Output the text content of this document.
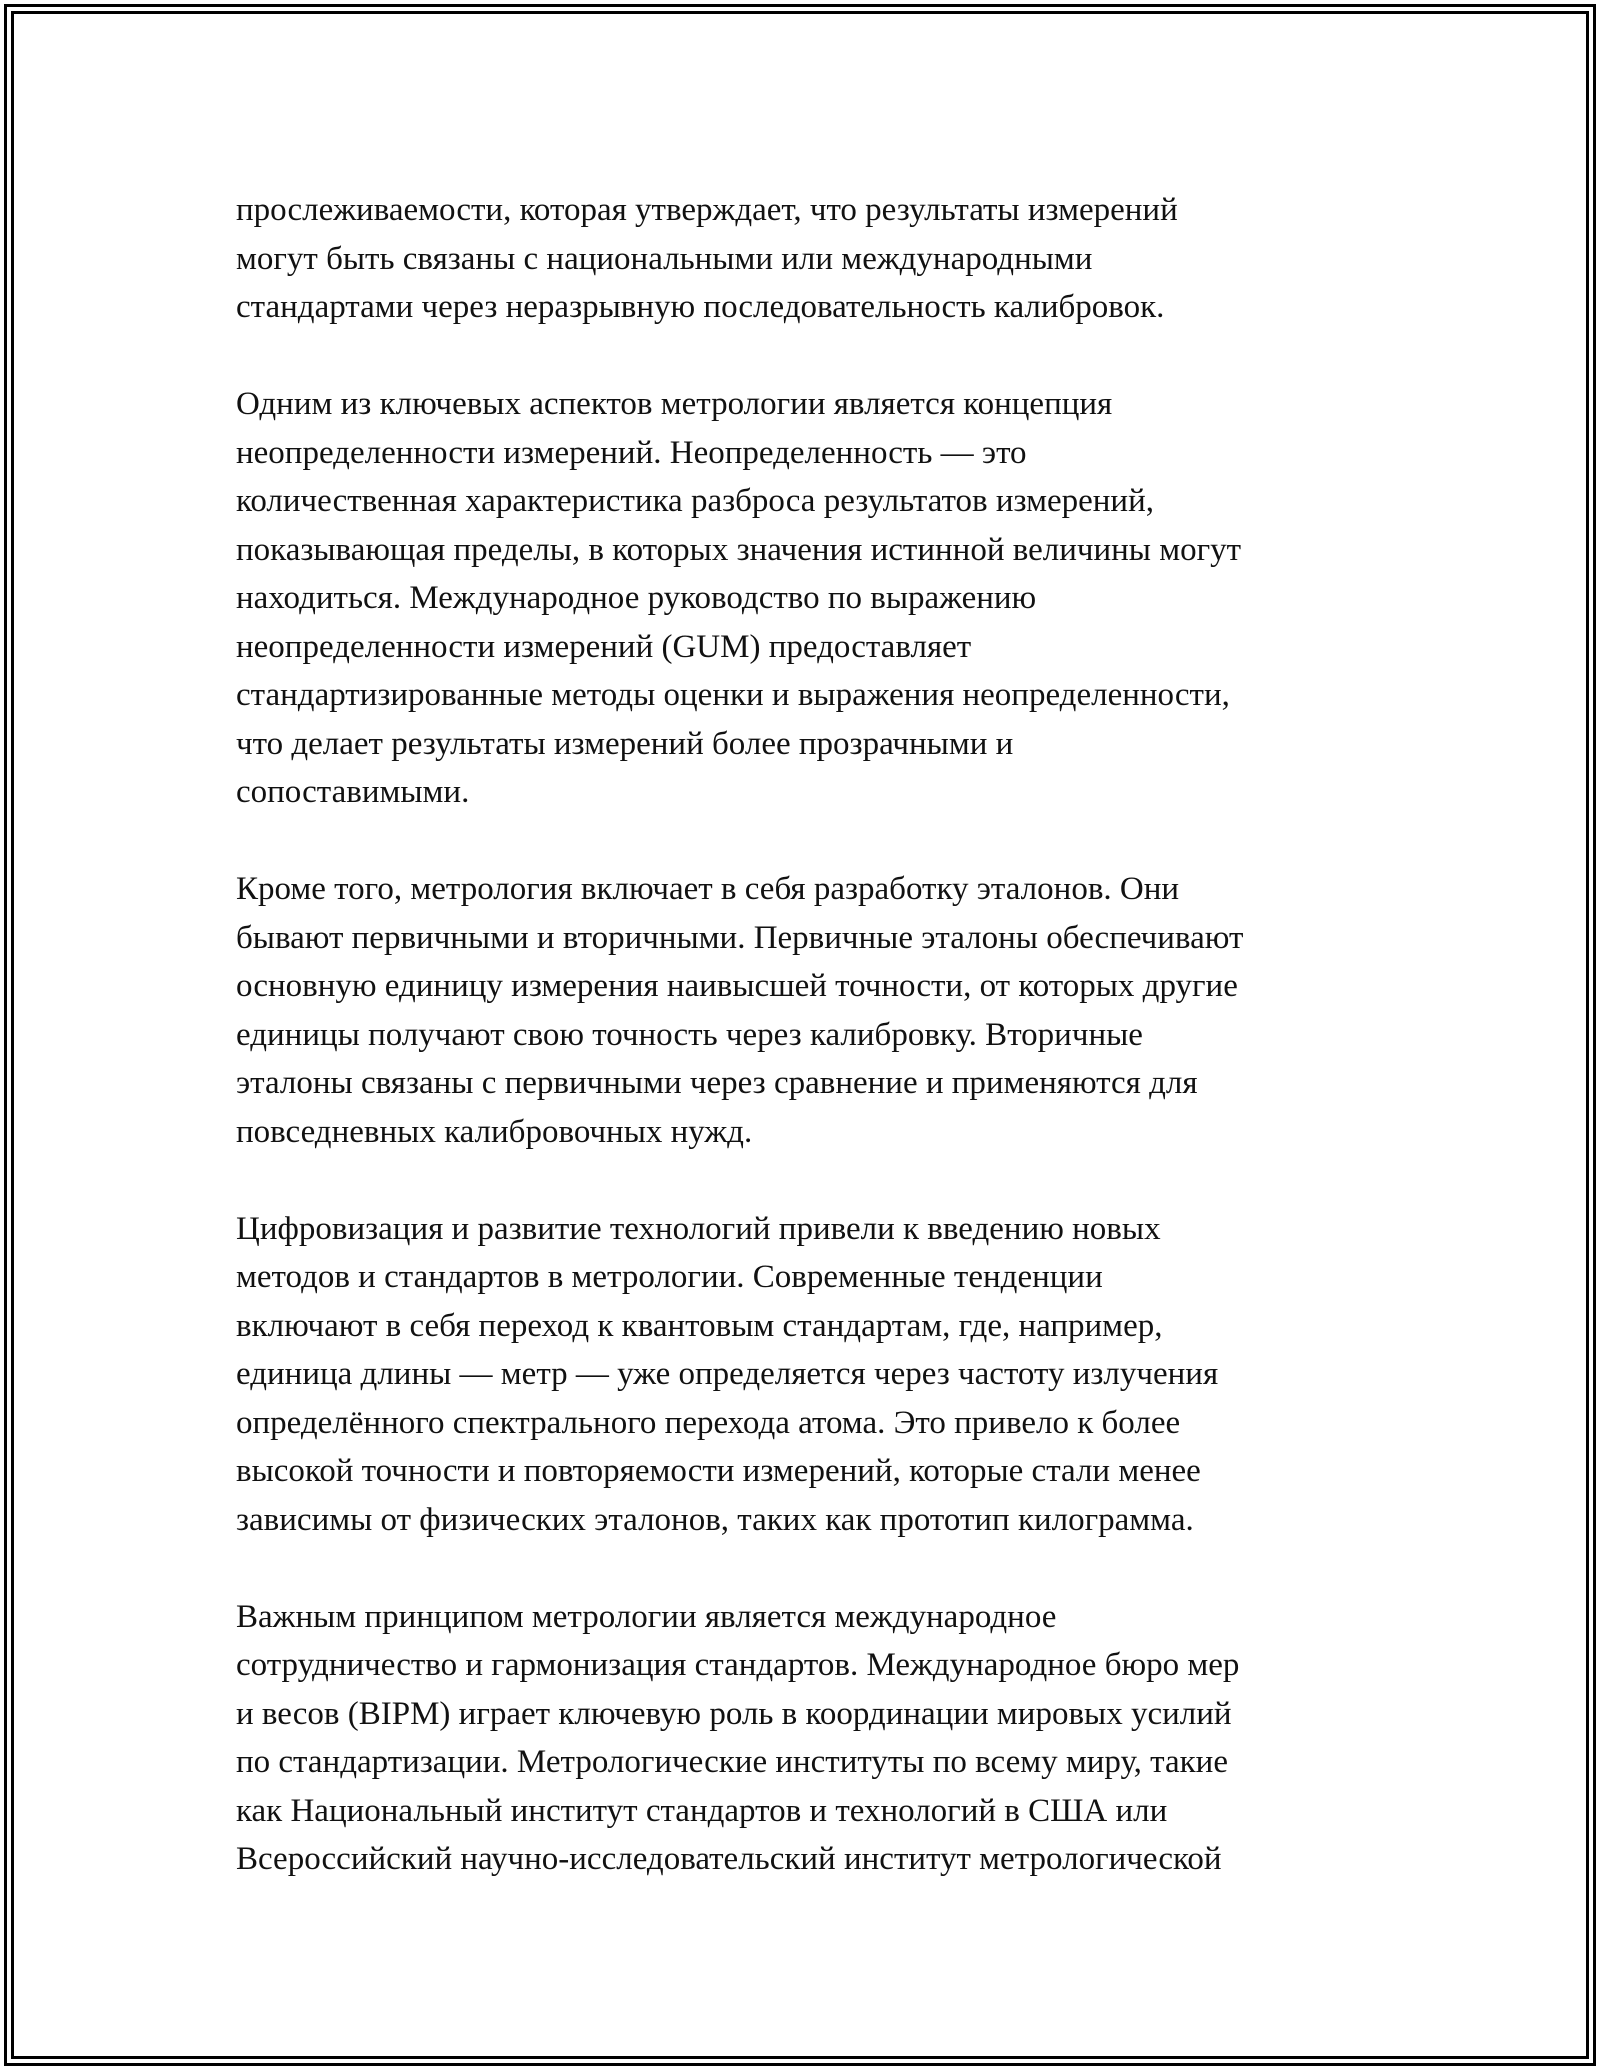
прослеживаемости, которая утверждает, что результаты измерений
могут быть связаны с национальными или международными
стандартами через неразрывную последовательность калибровок.

Одним из ключевых аспектов метрологии является концепция
неопределенности измерений. Неопределенность — это
количественная характеристика разброса результатов измерений,
показывающая пределы, в которых значения истинной величины могут
находиться. Международное руководство по выражению
неопределенности измерений (GUM) предоставляет
стандартизированные методы оценки и выражения неопределенности,
что делает результаты измерений более прозрачными и
сопоставимыми.

Кроме того, метрология включает в себя разработку эталонов. Они
бывают первичными и вторичными. Первичные эталоны обеспечивают
основную единицу измерения наивысшей точности, от которых другие
единицы получают свою точность через калибровку. Вторичные
эталоны связаны с первичными через сравнение и применяются для
повседневных калибровочных нужд.

Цифровизация и развитие технологий привели к введению новых
методов и стандартов в метрологии. Современные тенденции
включают в себя переход к квантовым стандартам, где, например,
единица длины — метр — уже определяется через частоту излучения
определённого спектрального перехода атома. Это привело к более
высокой точности и повторяемости измерений, которые стали менее
зависимы от физических эталонов, таких как прототип килограмма.

Важным принципом метрологии является международное
сотрудничество и гармонизация стандартов. Международное бюро мер
и весов (BIPM) играет ключевую роль в координации мировых усилий
по стандартизации. Метрологические институты по всему миру, такие
как Национальный институт стандартов и технологий в США или
Всероссийский научно-исследовательский институт метрологической
